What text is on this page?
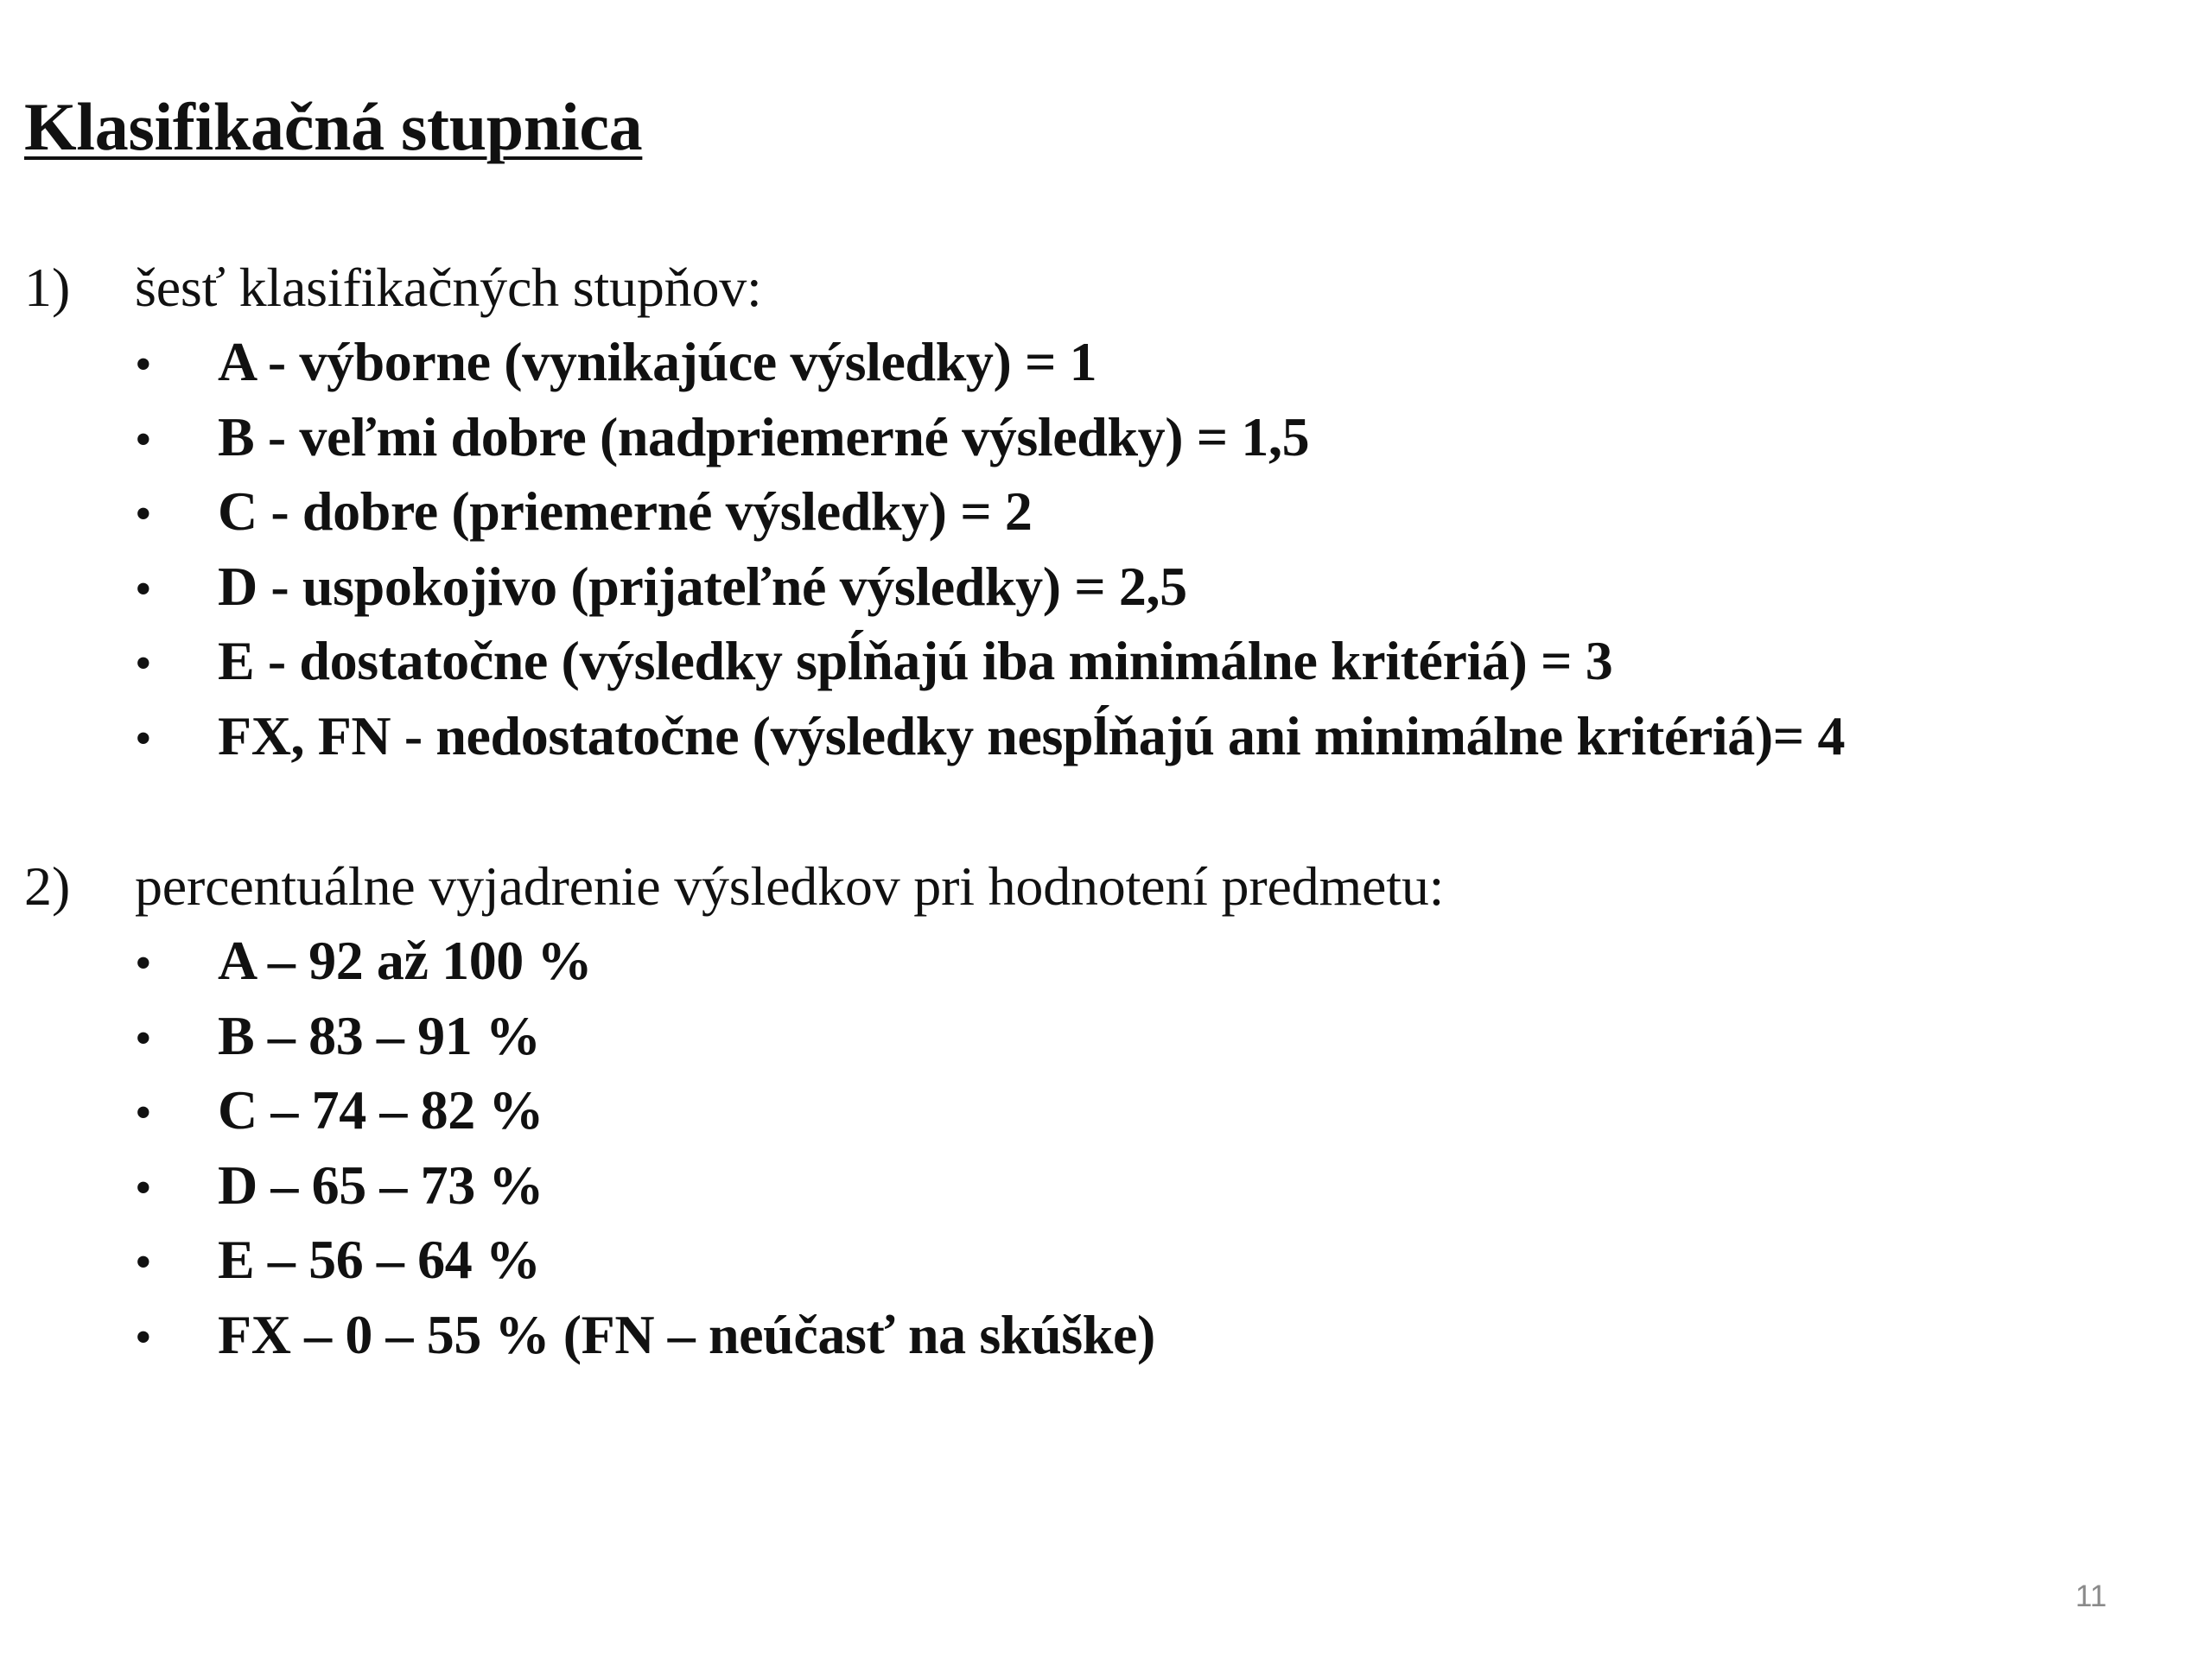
Klasifikačná stupnica
1)	šesť klasifikačných stupňov:
•	A - výborne (vynikajúce výsledky) = 1
•	B - veľmi dobre (nadpriemerné výsledky) = 1,5
•	C - dobre (priemerné výsledky) = 2
•	D - uspokojivo (prijateľné výsledky) = 2,5
•	E - dostatočne (výsledky spĺňajú iba minimálne kritériá) = 3
•	FX, FN - nedostatočne (výsledky nespĺňajú ani minimálne kritériá)= 4
2)	percentuálne vyjadrenie výsledkov pri hodnotení predmetu:
•	A – 92 až 100 %
•	B – 83 – 91 %
•	C – 74 – 82 %
•	D – 65 – 73 %
•	E – 56 – 64 %
•	FX – 0 – 55 % (FN – neúčasť na skúške)
11
